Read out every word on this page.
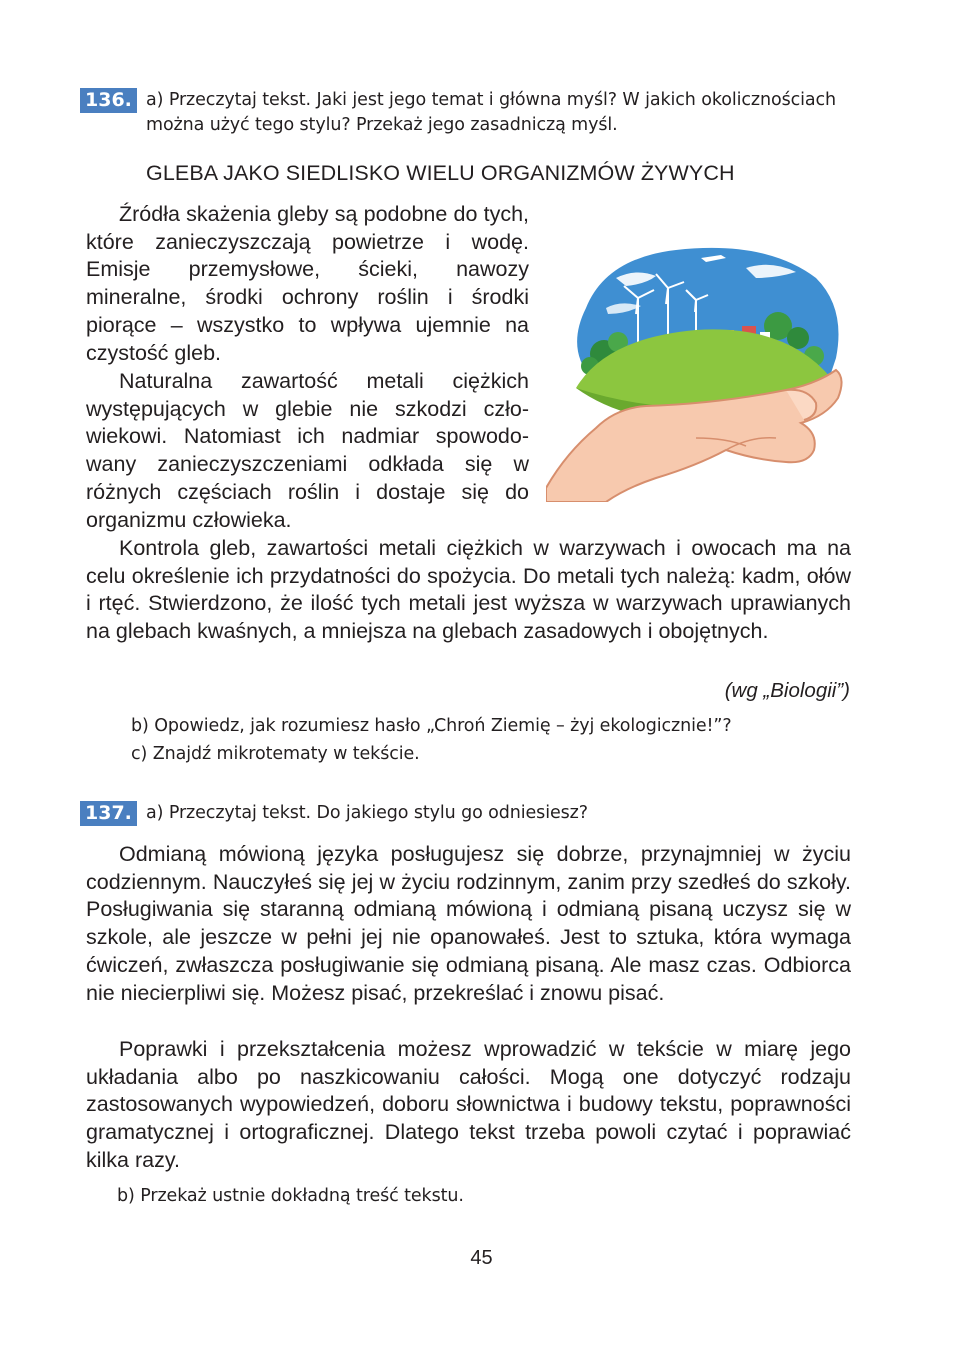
136. a) Przeczytaj tekst. Jaki jest jego temat i główna myśl? W jakich okolicznościach można użyć tego stylu? Przekaż jego zasadniczą myśl.

GLEBA JAKO SIEDLISKO WIELU ORGANIZMÓW ŻYWYCH

Źródła skażenia gleby są podobne do tych, które zanieczyszczają powietrze i wodę. Emisje przemysłowe, ścieki, nawozy mineralne, środki ochrony roślin i środki piorące – wszystko to wpływa ujemnie na czystość gleb.

Naturalna zawartość metali ciężkich występujących w glebie nie szkodzi człowiekowi. Natomiast ich nadmiar spowodowany zanieczyszczeniami odkłada się w różnych częściach roślin i dostaje się do organizmu człowieka.

Kontrola gleb, zawartości metali ciężkich w warzywach i owocach ma na celu określenie ich przydatności do spożycia. Do metali tych należą: kadm, ołów i rtęć. Stwierdzono, że ilość tych metali jest wyższa w warzywach uprawianych na glebach kwaśnych, a mniejsza na glebach zasadowych i obojętnych.

(wg „Biologii”)

b) Opowiedz, jak rozumiesz hasło „Chroń Ziemię – żyj ekologicznie!”?

c) Znajdź mikrotematy w tekście.

137. a) Przeczytaj tekst. Do jakiego stylu go odniesiesz?

Odmianą mówioną języka posługujesz się dobrze, przynajmniej w życiu codziennym. Nauczyłeś się jej w życiu rodzinnym, zanim przy szedłeś do szkoły. Posługiwania się staranną odmianą mówioną i odmianą pisaną uczysz się w szkole, ale jeszcze w pełni jej nie opanowałeś. Jest to sztuka, która wymaga ćwiczeń, zwłaszcza posługiwanie się odmianą pisaną. Ale masz czas. Odbiorca nie niecierpliwi się. Możesz pisać, przekreślać i znowu pisać.

Poprawki i przekształcenia możesz wprowadzić w tekście w miarę jego układania albo po naszkicowaniu całości. Mogą one dotyczyć rodzaju zastosowanych wypowiedzeń, doboru słownictwa i budowy tekstu, poprawności gramatycznej i ortograficznej. Dlatego tekst trzeba powoli czytać i poprawiać kilka razy.

b) Przekaż ustnie dokładną treść tekstu.

45
